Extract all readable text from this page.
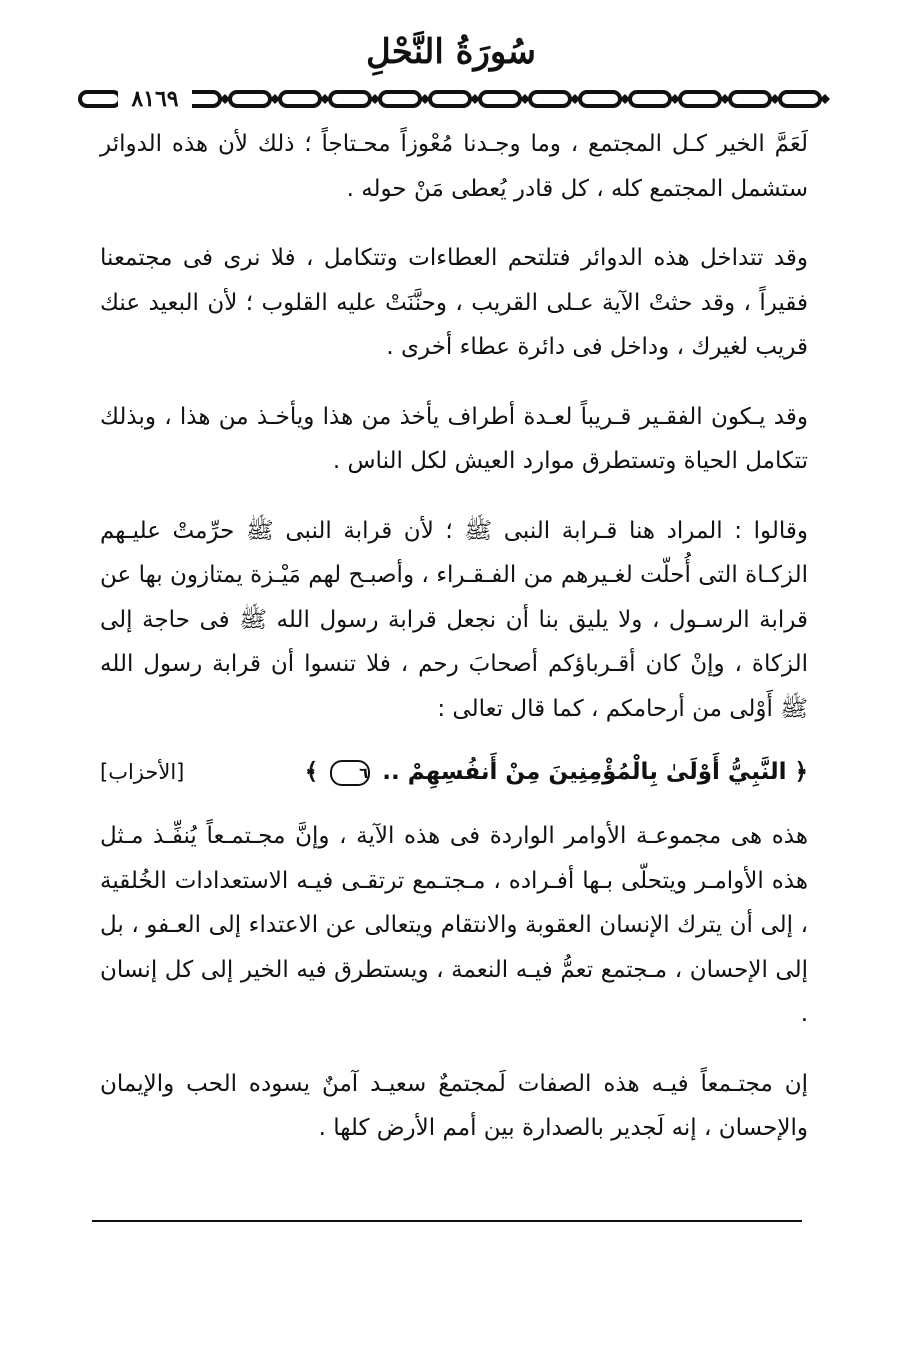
سُورَةُ النَّحْلِ
٨١٦٩

لَعَمَّ الخير كـل المجتمع ، وما وجـدنا مُعْوزاً محـتاجاً ؛ ذلك لأن هذه الدوائر ستشمل المجتمع كله ، كل قادر يُعطى مَنْ حوله .

وقد تتداخل هذه الدوائر فتلتحم العطاءات وتتكامل ، فلا نرى فى مجتمعنا فقيراً ، وقد حثتْ الآية عـلى القريب ، وحنَّنَتْ عليه القلوب ؛ لأن البعيد عنك قريب لغيرك ، وداخل فى دائرة عطاء أخرى .

وقد يـكون الفقـير قـريباً لعـدة أطراف يأخذ من هذا ويأخـذ من هذا ، وبذلك تتكامل الحياة وتستطرق موارد العيش لكل الناس .

وقالوا : المراد هنا قـرابة النبى ﷺ ؛ لأن قرابة النبى ﷺ حرِّمتْ عليـهم الزكـاة التى أُحلّت لغـيرهم من الفـقـراء ، وأصبـح لهم مَيْـزة يمتازون بها عن قرابة الرسـول ، ولا يليق بنا أن نجعل قرابة رسول الله ﷺ فى حاجة إلى الزكاة ، وإنْ كان أقـرباؤكم أصحابَ رحم ، فلا تنسوا أن قرابة رسول الله ﷺ أَوْلى من أرحامكم ، كما قال تعالى :

﴿ النَّبِيُّ أَوْلَىٰ بِالْمُؤْمِنِينَ مِنْ أَنفُسِهِمْ .. ٦ ﴾
[الأحزاب]

هذه هى مجموعـة الأوامر الواردة فى هذه الآية ، وإنَّ مجـتمـعاً يُنفِّـذ مـثل هذه الأوامـر ويتحلّى بـها أفـراده ، مـجتـمع ترتقـى فيـه الاستعدادات الخُلقية ، إلى أن يترك الإنسان العقوبة والانتقام ويتعالى عن الاعتداء إلى العـفو ، بل إلى الإحسان ، مـجتمع تعمُّ فيـه النعمة ، ويستطرق فيه الخير إلى كل إنسان .

إن مجتـمعاً فيـه هذه الصفات لَمجتمعٌ سعيـد آمنٌ يسوده الحب والإيمان والإحسان ، إنه لَجدير بالصدارة بين أمم الأرض كلها .
